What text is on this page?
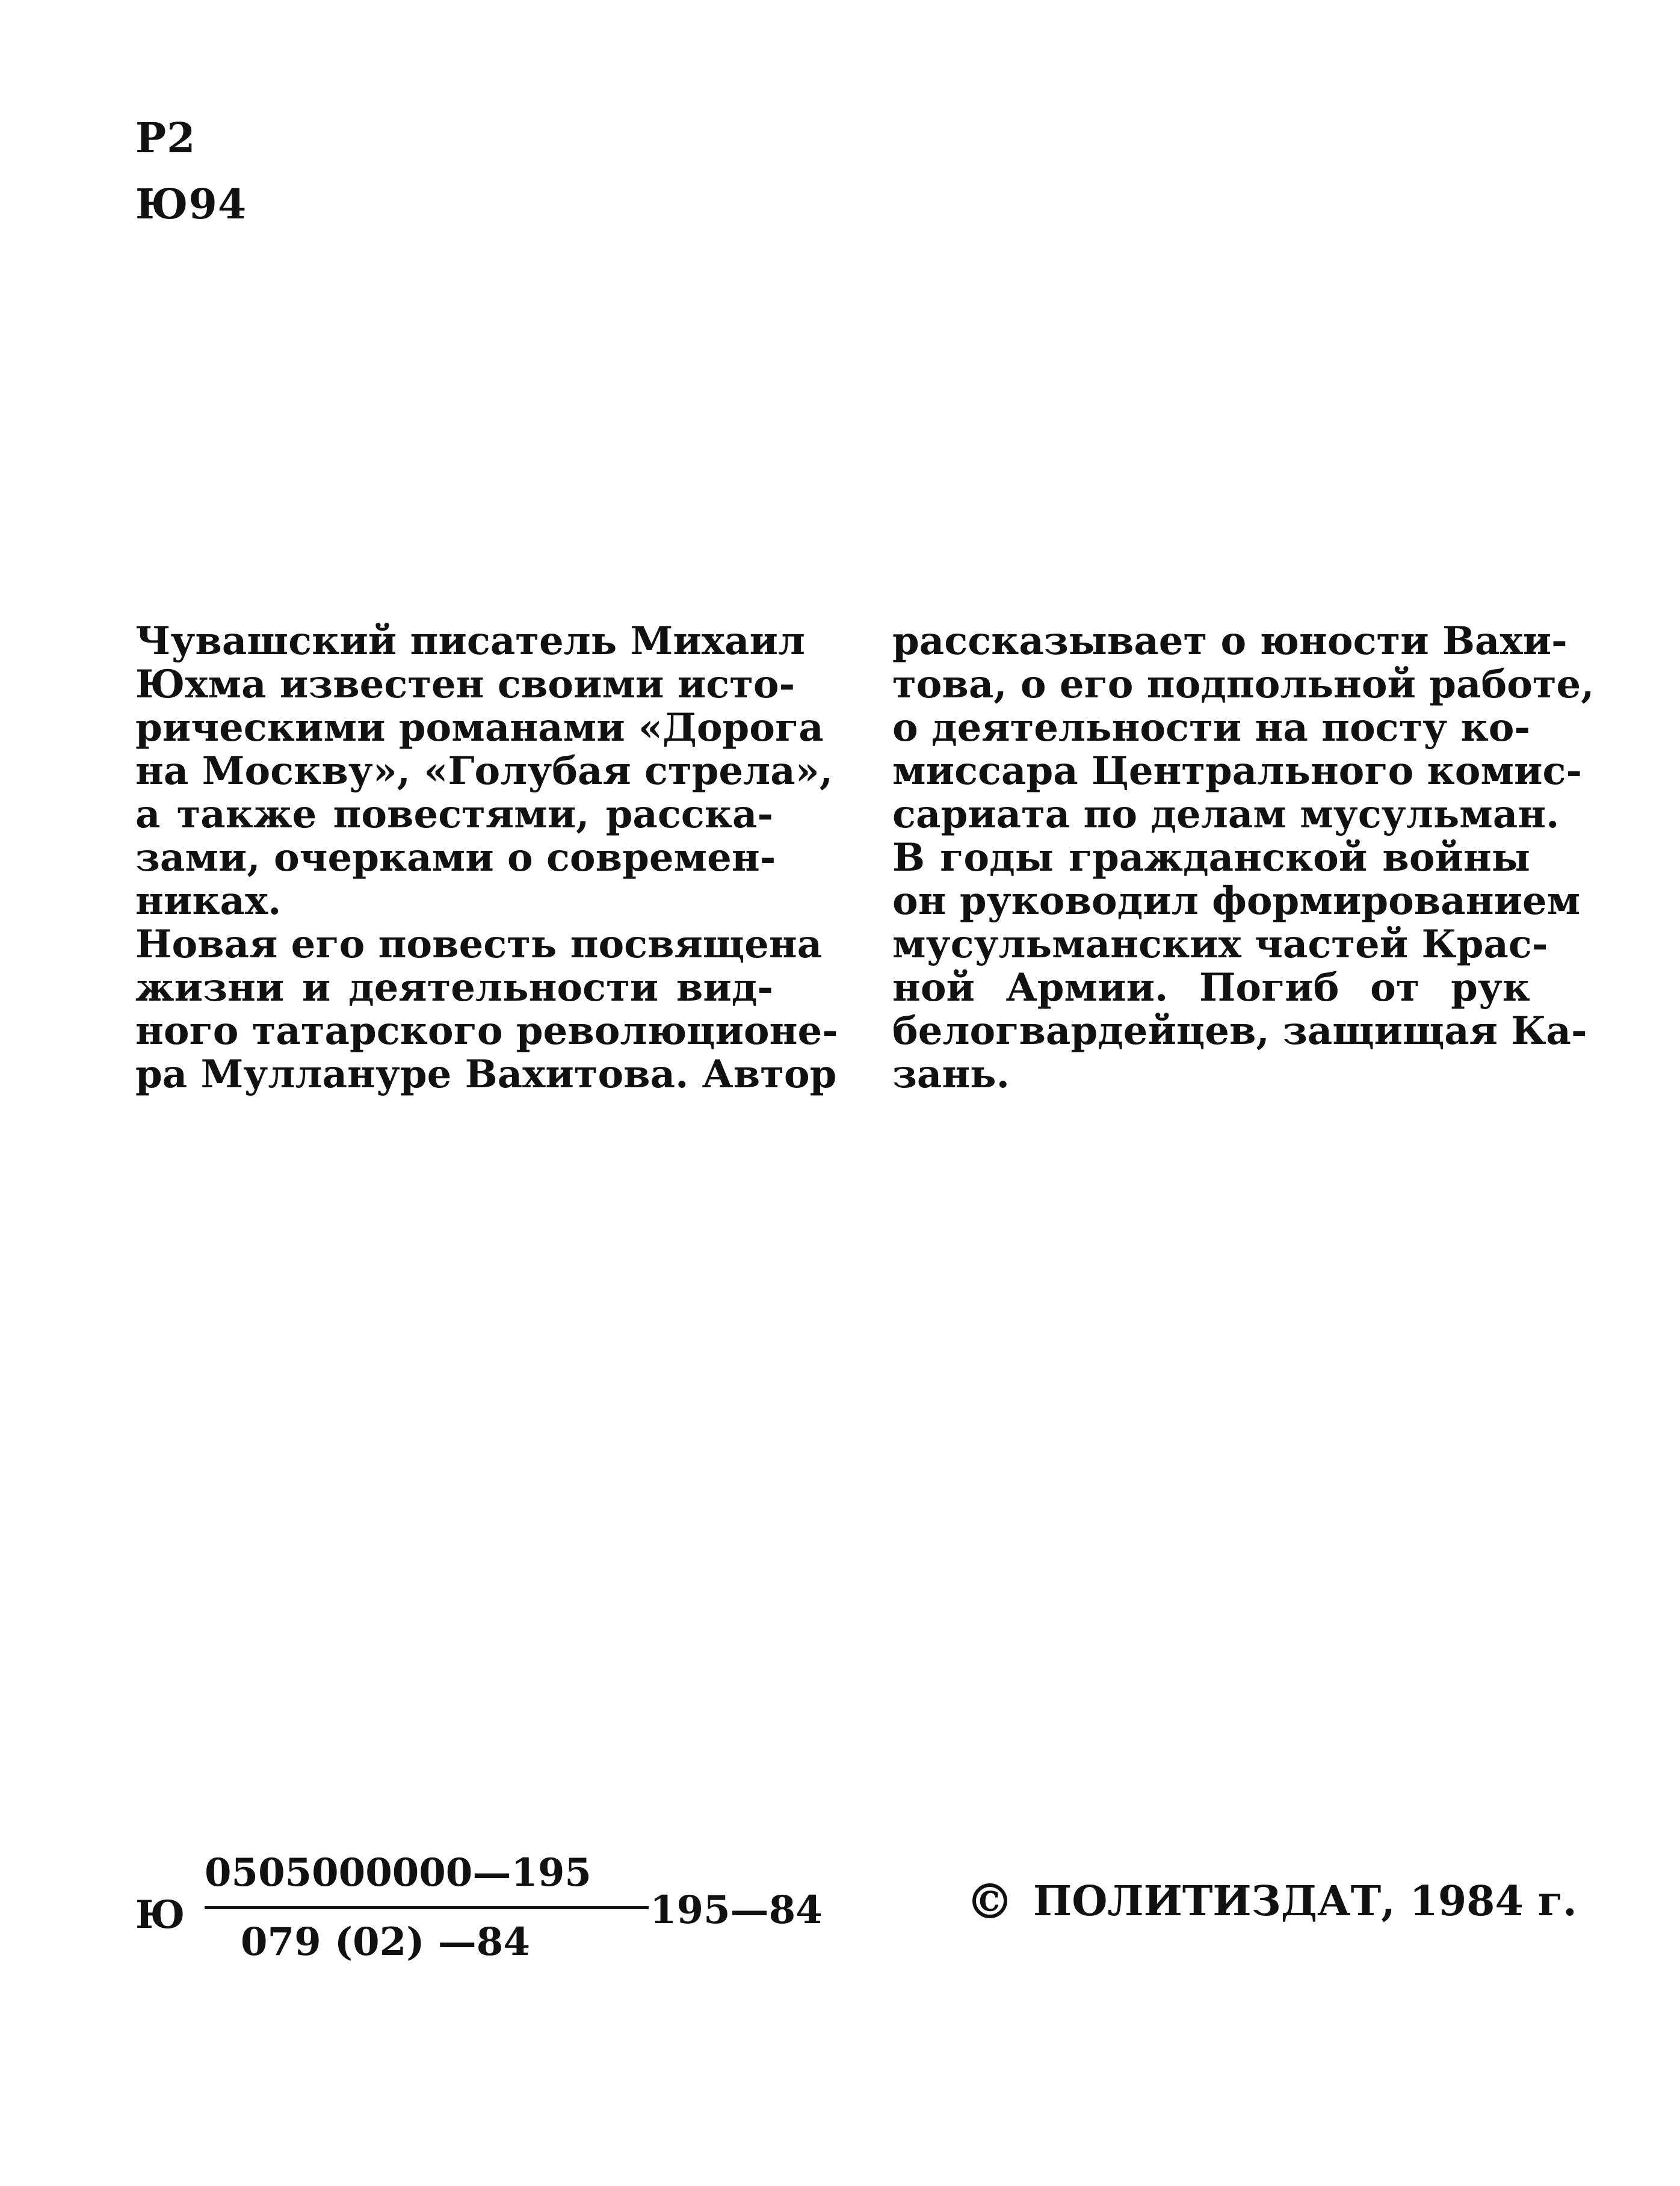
Р2
Ю94
Чувашский писатель Михаил
Юхма известен своими исто-
рическими романами «Дорога
на Москву», «Голубая стрела»,
а также повестями, расска-
зами, очерками о современ-
никах.
Новая его повесть посвящена
жизни и деятельности вид-
ного татарского революционе-
ра Муллануре Вахитова. Автор
рассказывает о юности Вахи-
това, о его подпольной работе,
о деятельности на посту ко-
миссара Центрального комис-
сариата по делам мусульман.
В годы гражданской войны
он руководил формированием
мусульманских частей Крас-
ной Армии. Погиб от рук
белогвардейцев, защищая Ка-
зань.
Ю
0505000000—195
079 (02) —84
195—84	© ПОЛИТИЗДАТ, 1984 г.
